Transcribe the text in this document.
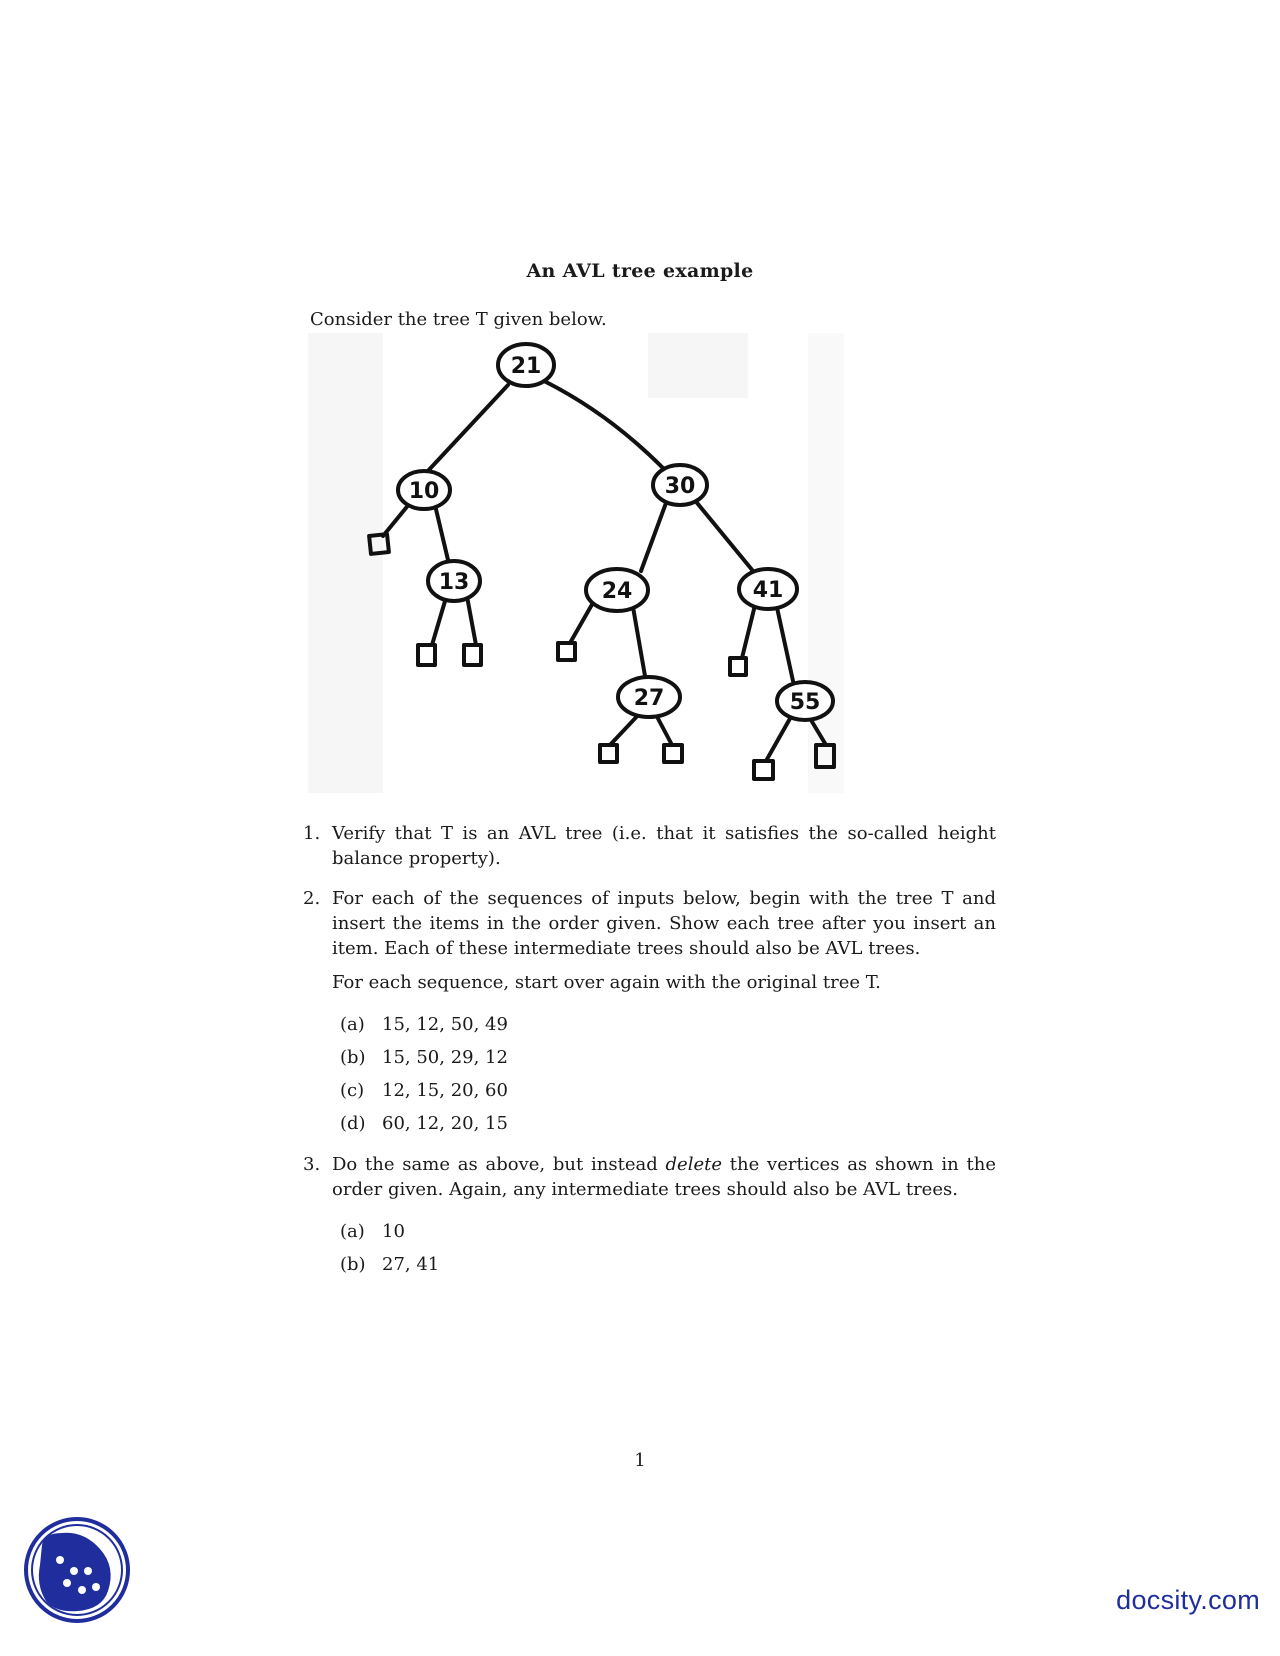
An AVL tree example
Consider the tree T given below.
21
10	30
13	24	41
27	55
1. Verify that T is an AVL tree (i.e. that it satisfies the so-called height balance property).
2. For each of the sequences of inputs below, begin with the tree T and insert the items in the order given. Show each tree after you insert an item. Each of these intermediate trees should also be AVL trees.
For each sequence, start over again with the original tree T.
(a) 15, 12, 50, 49
(b) 15, 50, 29, 12
(c) 12, 15, 20, 60
(d) 60, 12, 20, 15
3. Do the same as above, but instead delete the vertices as shown in the order given. Again, any intermediate trees should also be AVL trees.
(a) 10
(b) 27, 41
1
docsity.com
